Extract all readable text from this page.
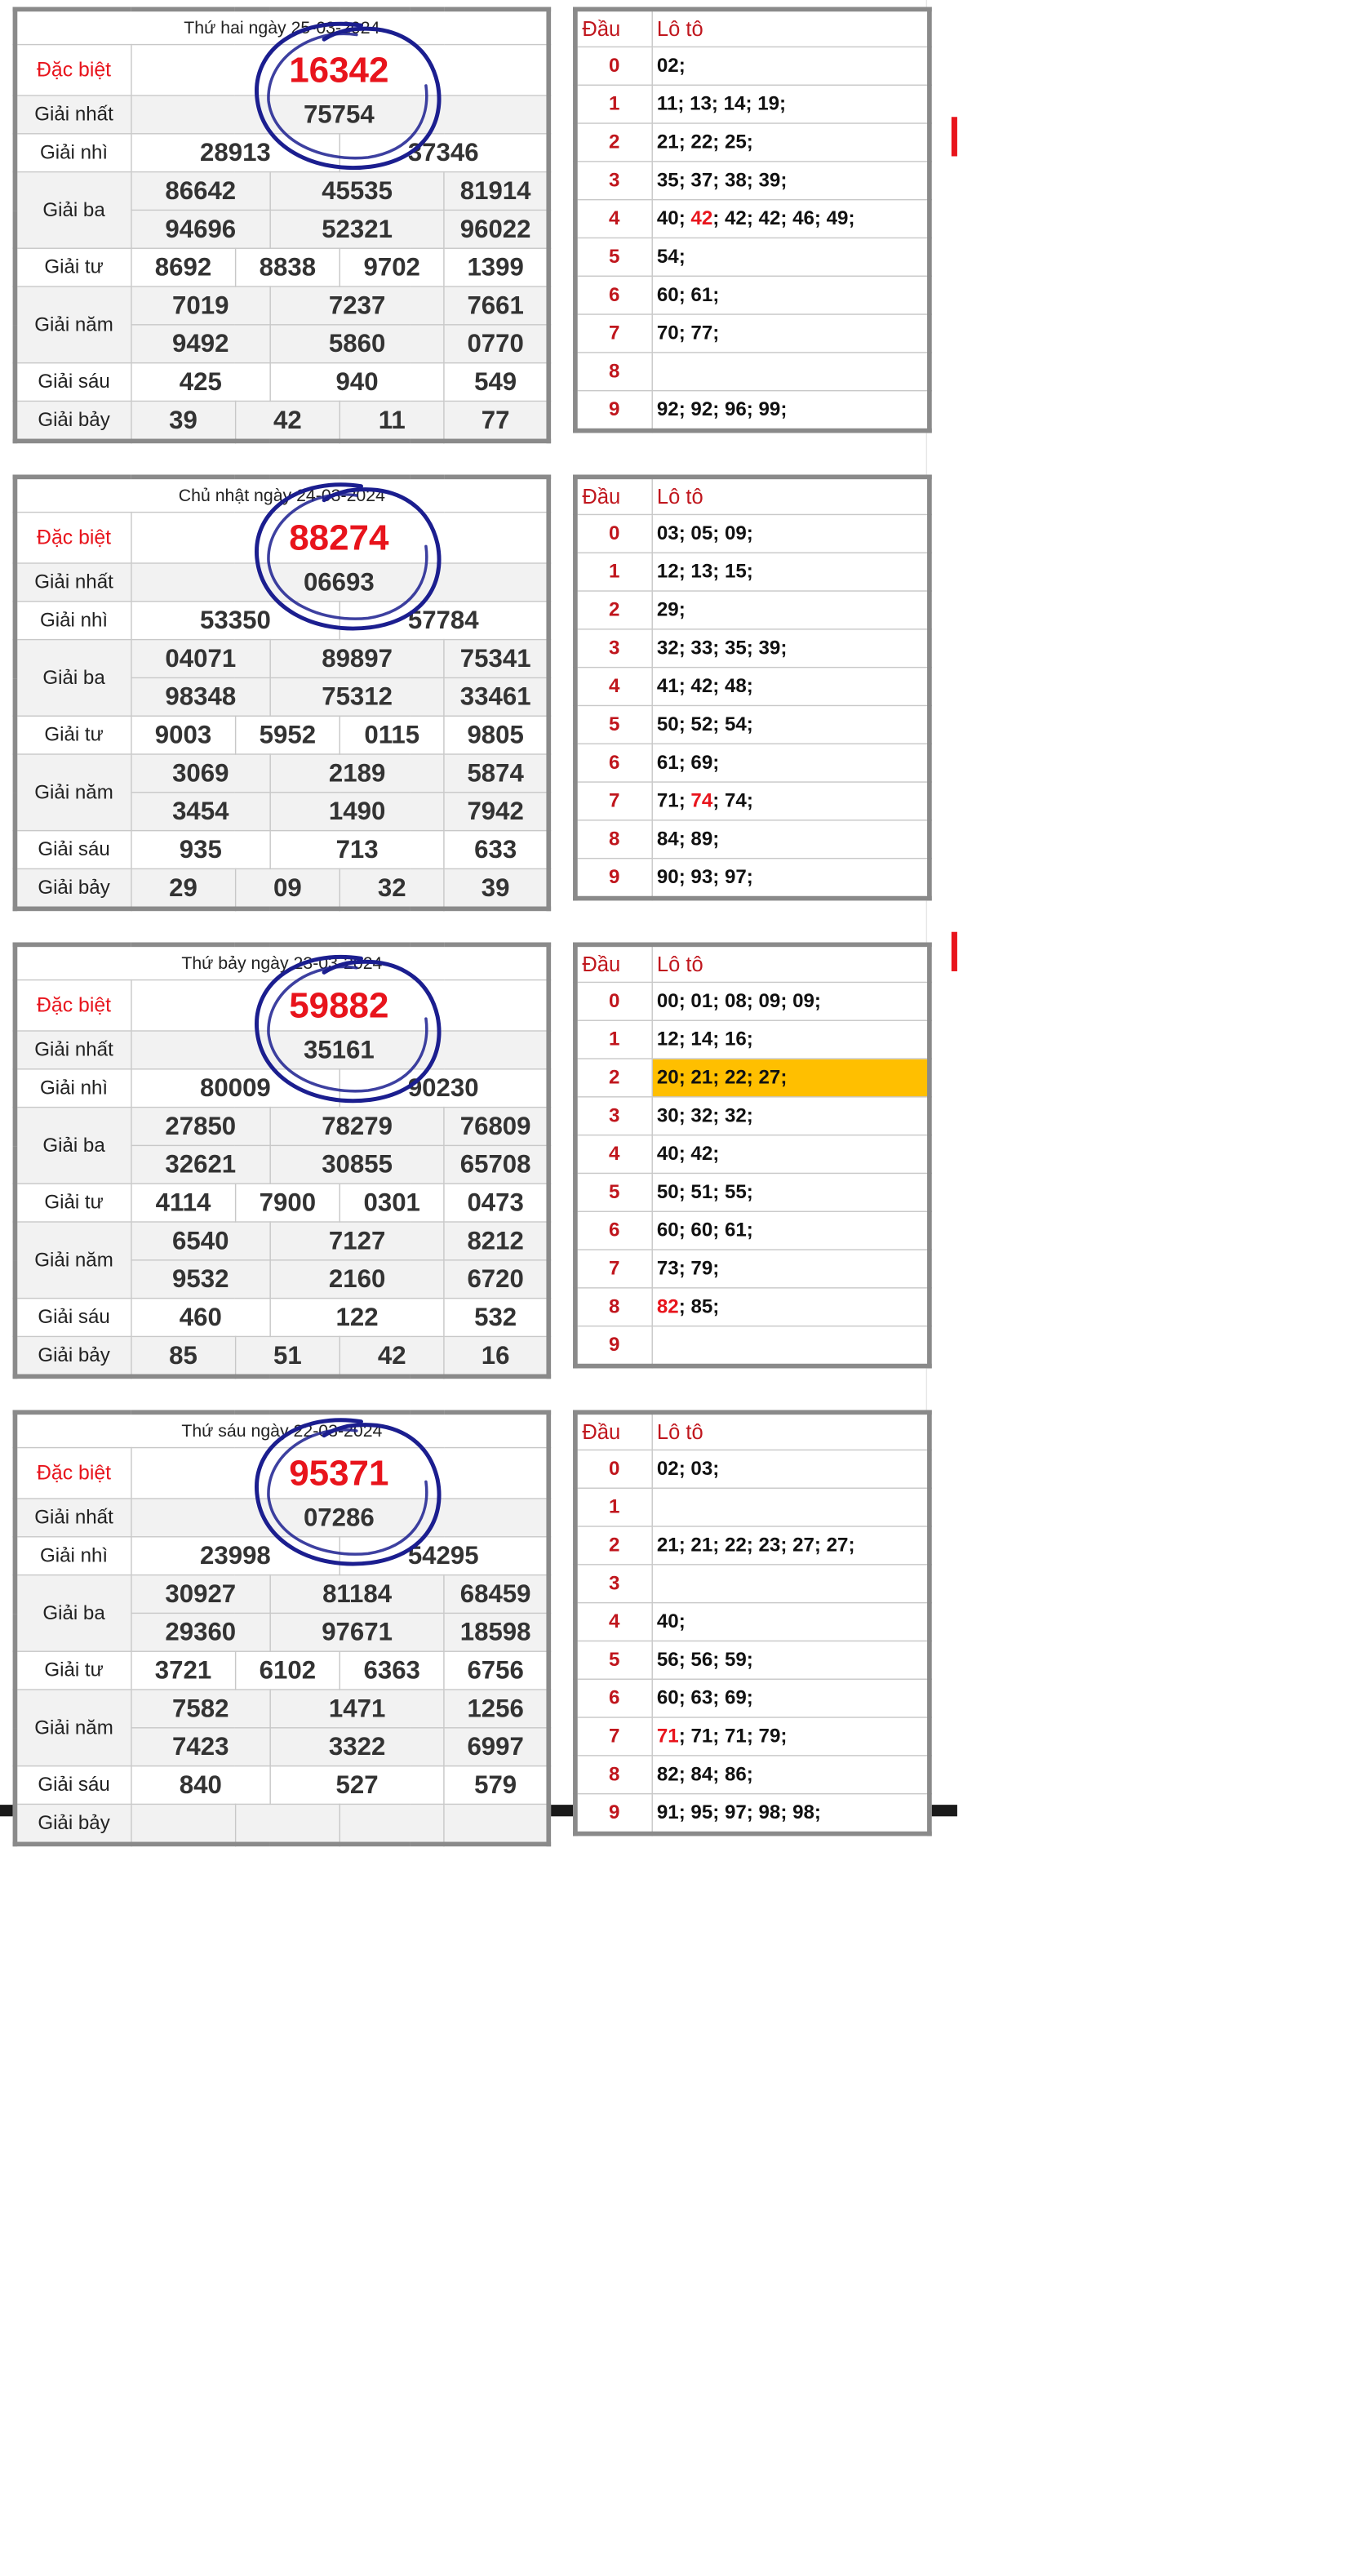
Thứ hai ngày 25-03-2024					
Đặc biệt	16342				
Giải nhất	75754				
Giải nhì	28913			37346	
Giải ba	86642		45535		81914
	94696		52321		96022
Giải tư	8692	8838		9702	1399
Giải năm	7019		7237		7661
	9492		5860		0770
Giải sáu	425		940		549
Giải bảy	39	42		11	77
Đầu	Lô tô
0	02;
1	11; 13; 14; 19;
2	21; 22; 25;
3	35; 37; 38; 39;
4	40; 42; 42; 42; 46; 49;
5	54;
6	60; 61;
7	70; 77;
8	
9	92; 92; 96; 99;
Chủ nhật ngày 24-03-2024					
Đặc biệt	88274				
Giải nhất	06693				
Giải nhì	53350			57784	
Giải ba	04071		89897		75341
	98348		75312		33461
Giải tư	9003	5952		0115	9805
Giải năm	3069		2189		5874
	3454		1490		7942
Giải sáu	935		713		633
Giải bảy	29	09		32	39
Đầu	Lô tô
0	03; 05; 09;
1	12; 13; 15;
2	29;
3	32; 33; 35; 39;
4	41; 42; 48;
5	50; 52; 54;
6	61; 69;
7	71; 74; 74;
8	84; 89;
9	90; 93; 97;
Thứ bảy ngày 23-03-2024					
Đặc biệt	59882				
Giải nhất	35161				
Giải nhì	80009			90230	
Giải ba	27850		78279		76809
	32621		30855		65708
Giải tư	4114	7900		0301	0473
Giải năm	6540		7127		8212
	9532		2160		6720
Giải sáu	460		122		532
Giải bảy	85	51		42	16
Đầu	Lô tô
0	00; 01; 08; 09; 09;
1	12; 14; 16;
2	20; 21; 22; 27;
3	30; 32; 32;
4	40; 42;
5	50; 51; 55;
6	60; 60; 61;
7	73; 79;
8	82; 85;
9	
Thứ sáu ngày 22-03-2024					
Đặc biệt	95371				
Giải nhất	07286				
Giải nhì	23998			54295	
Giải ba	30927		81184		68459
	29360		97671		18598
Giải tư	3721	6102		6363	6756
Giải năm	7582		1471		1256
	7423		3322		6997
Giải sáu	840		527		579
Giải bảy					
Đầu	Lô tô
0	02; 03;
1	
2	21; 21; 22; 23; 27; 27;
3	
4	40;
5	56; 56; 59;
6	60; 63; 69;
7	71; 71; 71; 79;
8	82; 84; 86;
9	91; 95; 97; 98; 98;
